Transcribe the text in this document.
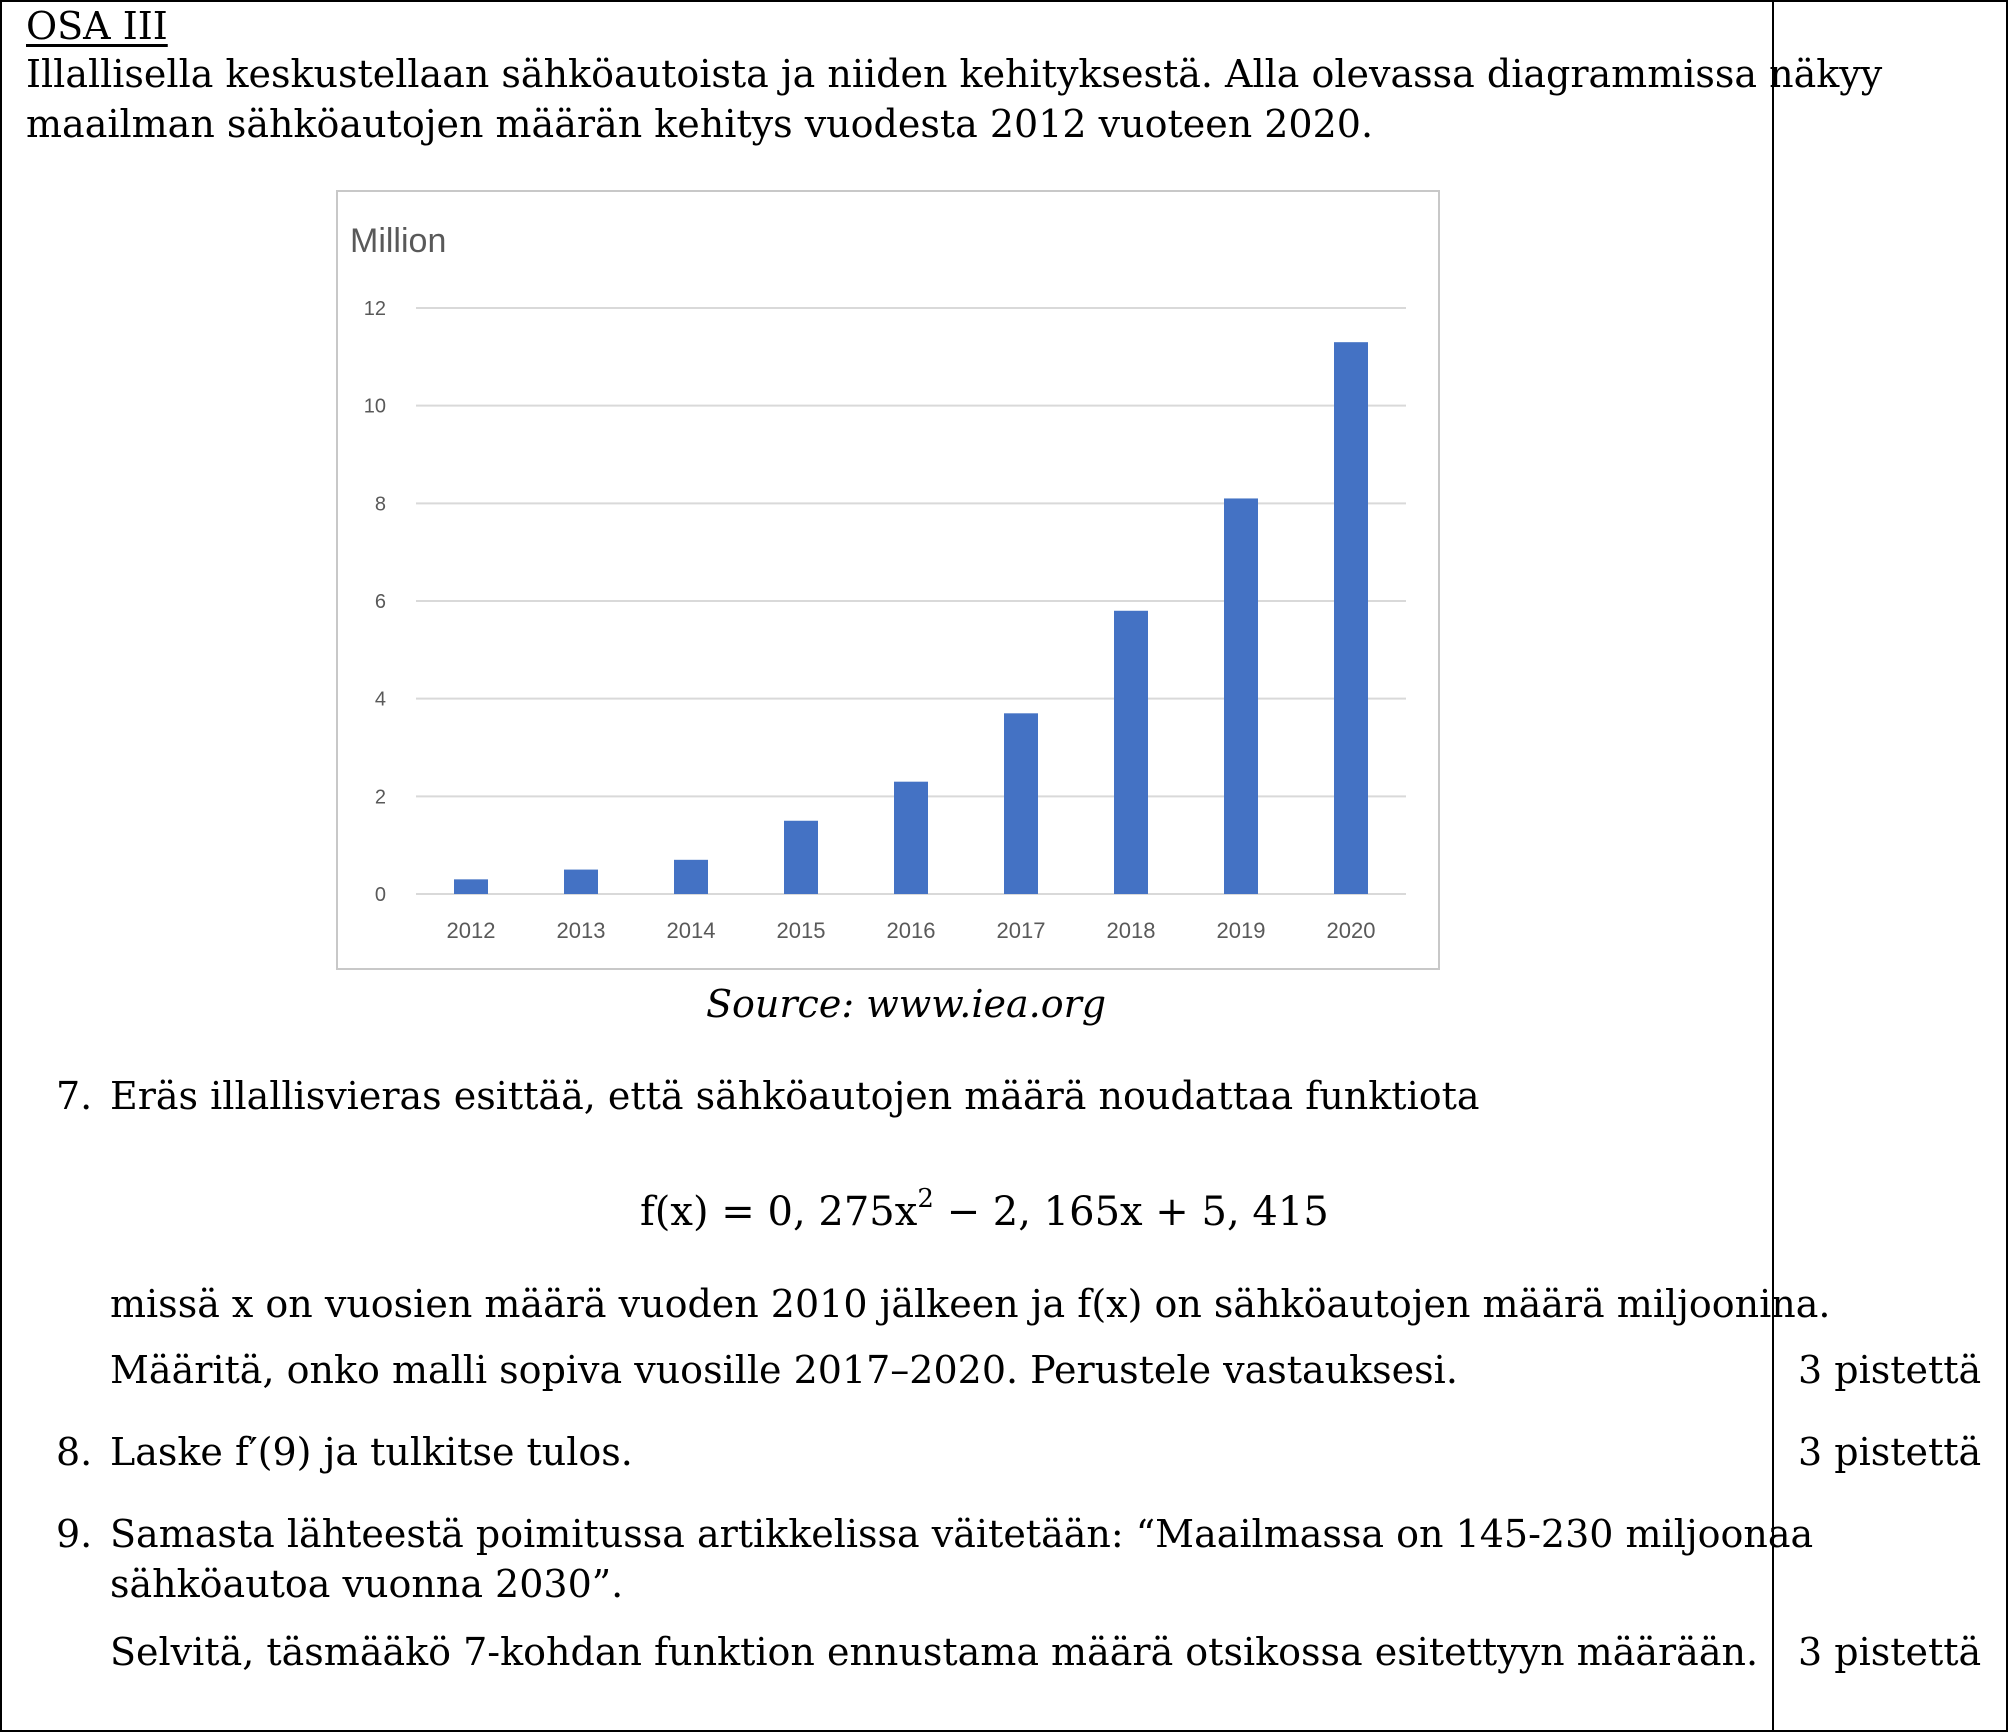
OSA III
Illallisella keskustellaan sähköautoista ja niiden kehityksestä. Alla olevassa diagrammissa näkyy
maailman sähköautojen määrän kehitys vuodesta 2012 vuoteen 2020.
Million
0
2
4
6
8
10
12
2012	2013	2014	2015	2016	2017	2018	2019	2020
Source: www.iea.org
7. Eräs illallisvieras esittää, että sähköautojen määrä noudattaa funktiota
f(x) = 0, $275x^2 - 2$, 165x + 5, 415
missä x on vuosien määrä vuoden 2010 jälkeen ja f(x) on sähköautojen määrä miljoonina.
Määritä, onko malli sopiva vuosille 2017–2020. Perustele vastauksesi.	3 pistettä
8. Laske f′(9) ja tulkitse tulos.	3 pistettä
9. Samasta lähteestä poimitussa artikkelissa väitetään: “Maailmassa on 145-230 miljoonaa
sähköautoa vuonna 2030”.
Selvitä, täsmääkö 7-kohdan funktion ennustama määrä otsikossa esitettyyn määrään. 3 pistettä
